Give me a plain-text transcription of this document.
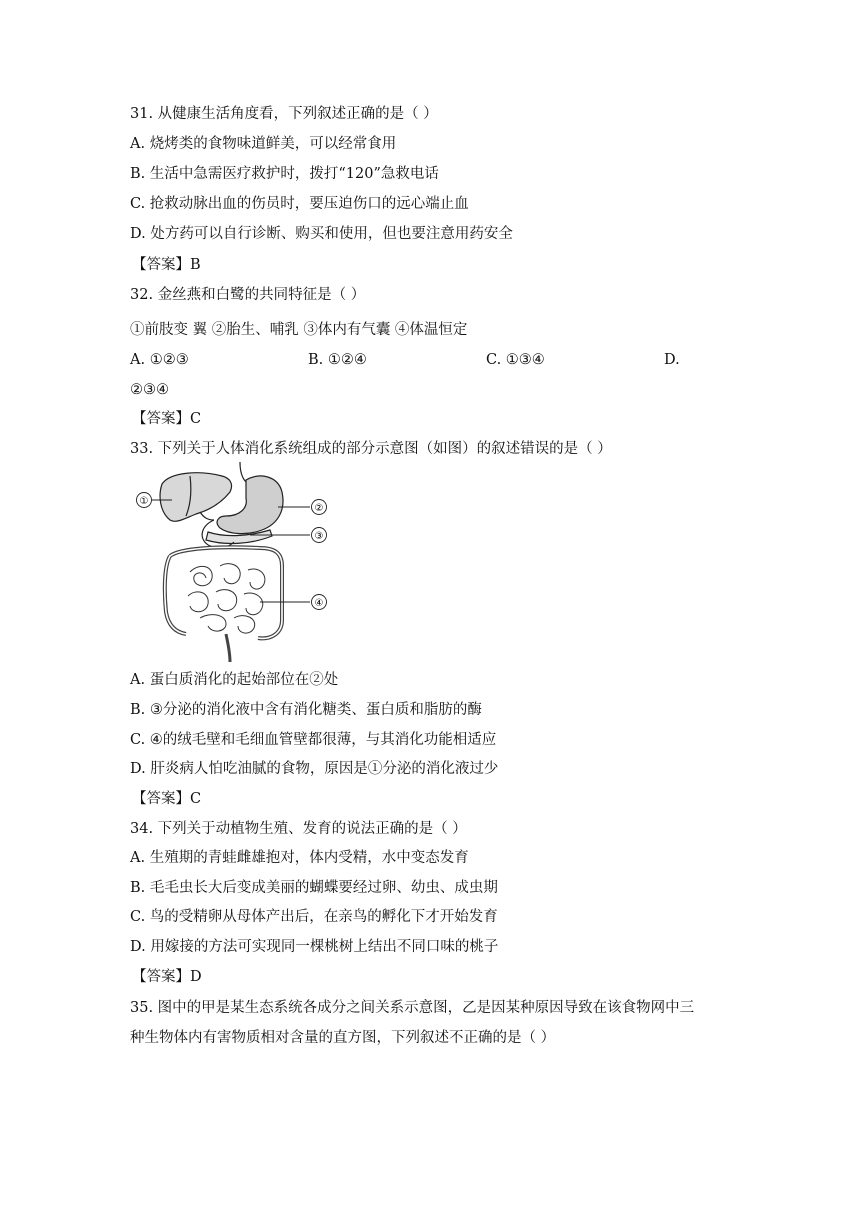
31. 从健康生活角度看，下列叙述正确的是（ ）
A. 烧烤类的食物味道鲜美，可以经常食用
B. 生活中急需医疗救护时，拨打“120”急救电话
C. 抢救动脉出血的伤员时，要压迫伤口的远心端止血
D. 处方药可以自行诊断、购买和使用，但也要注意用药安全
【答案】B
32. 金丝燕和白鹭的共同特征是（ ）
①前肢变 翼 ②胎生、哺乳 ③体内有气囊 ④体温恒定
A. ①②③	B. ①②④	C. ①③④	D.
②③④
【答案】C
33. 下列关于人体消化系统组成的部分示意图（如图）的叙述错误的是（ ）
①
②
③
④
A. 蛋白质消化的起始部位在②处
B. ③分泌的消化液中含有消化糖类、蛋白质和脂肪的酶
C. ④的绒毛壁和毛细血管壁都很薄，与其消化功能相适应
D. 肝炎病人怕吃油腻的食物，原因是①分泌的消化液过少
【答案】C
34. 下列关于动植物生殖、发育的说法正确的是（ ）
A. 生殖期的青蛙雌雄抱对，体内受精，水中变态发育
B. 毛毛虫长大后变成美丽的蝴蝶要经过卵、幼虫、成虫期
C. 鸟的受精卵从母体产出后，在亲鸟的孵化下才开始发育
D. 用嫁接的方法可实现同一棵桃树上结出不同口味的桃子
【答案】D
35. 图中的甲是某生态系统各成分之间关系示意图，乙是因某种原因导致在该食物网中三
种生物体内有害物质相对含量的直方图，下列叙述不正确的是（ ）
